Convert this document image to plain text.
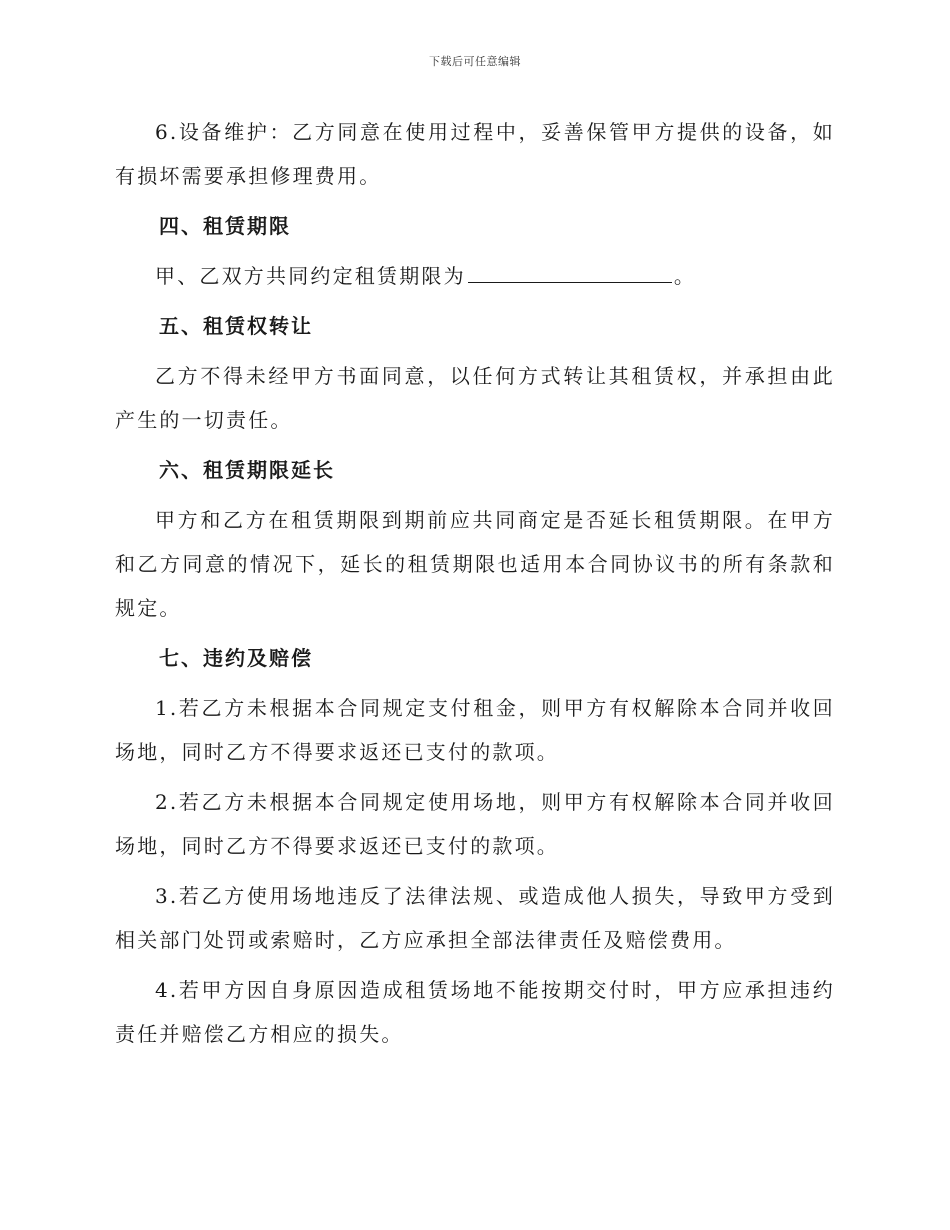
下载后可任意编辑

6.设备维护：乙方同意在使用过程中，妥善保管甲方提供的设备，如有损坏需要承担修理费用。

四、租赁期限

甲、乙双方共同约定租赁期限为	。

五、租赁权转让

乙方不得未经甲方书面同意，以任何方式转让其租赁权，并承担由此产生的一切责任。

六、租赁期限延长

甲方和乙方在租赁期限到期前应共同商定是否延长租赁期限。在甲方和乙方同意的情况下，延长的租赁期限也适用本合同协议书的所有条款和规定。

七、违约及赔偿

1.若乙方未根据本合同规定支付租金，则甲方有权解除本合同并收回场地，同时乙方不得要求返还已支付的款项。

2.若乙方未根据本合同规定使用场地，则甲方有权解除本合同并收回场地，同时乙方不得要求返还已支付的款项。

3.若乙方使用场地违反了法律法规、或造成他人损失，导致甲方受到相关部门处罚或索赔时，乙方应承担全部法律责任及赔偿费用。

4.若甲方因自身原因造成租赁场地不能按期交付时，甲方应承担违约责任并赔偿乙方相应的损失。
